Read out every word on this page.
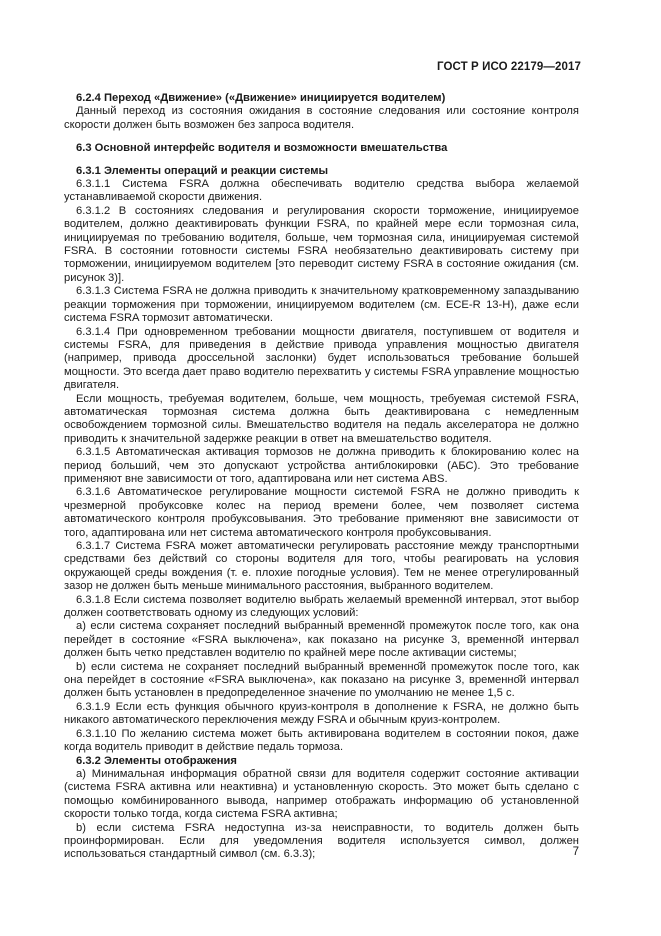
ГОСТ Р ИСО 22179—2017

6.2.4 Переход «Движение» («Движение» инициируется водителем)

Данный переход из состояния ожидания в состояние следования или состояние контроля скорости должен быть возможен без запроса водителя.

6.3 Основной интерфейс водителя и возможности вмешательства

6.3.1 Элементы операций и реакции системы

6.3.1.1 Система FSRA должна обеспечивать водителю средства выбора желаемой устанавливаемой скорости движения.

6.3.1.2 В состояниях следования и регулирования скорости торможение, инициируемое водителем, должно деактивировать функции FSRA, по крайней мере если тормозная сила, инициируемая по требованию водителя, больше, чем тормозная сила, инициируемая системой FSRA. В состоянии готовности системы FSRA необязательно деактивировать систему при торможении, инициируемом водителем [это переводит систему FSRA в состояние ожидания (см. рисунок 3)].

6.3.1.3 Система FSRA не должна приводить к значительному кратковременному запаздыванию реакции торможения при торможении, инициируемом водителем (см. ECE-R 13-H), даже если система FSRA тормозит автоматически.

6.3.1.4 При одновременном требовании мощности двигателя, поступившем от водителя и системы FSRA, для приведения в действие привода управления мощностью двигателя (например, привода дроссельной заслонки) будет использоваться требование большей мощности. Это всегда дает право водителю перехватить у системы FSRA управление мощностью двигателя.

Если мощность, требуемая водителем, больше, чем мощность, требуемая системой FSRA, автоматическая тормозная система должна быть деактивирована с немедленным освобождением тормозной силы. Вмешательство водителя на педаль акселератора не должно приводить к значительной задержке реакции в ответ на вмешательство водителя.

6.3.1.5 Автоматическая активация тормозов не должна приводить к блокированию колес на период больший, чем это допускают устройства антиблокировки (АБС). Это требование применяют вне зависимости от того, адаптирована или нет система ABS.

6.3.1.6 Автоматическое регулирование мощности системой FSRA не должно приводить к чрезмерной пробуксовке колес на период времени более, чем позволяет система автоматического контроля пробуксовывания. Это требование применяют вне зависимости от того, адаптирована или нет система автоматического контроля пробуксовывания.

6.3.1.7 Система FSRA может автоматически регулировать расстояние между транспортными средствами без действий со стороны водителя для того, чтобы реагировать на условия окружающей среды вождения (т. е. плохие погодные условия). Тем не менее отрегулированный зазор не должен быть меньше минимального расстояния, выбранного водителем.

6.3.1.8 Если система позволяет водителю выбрать желаемый временно̂й интервал, этот выбор должен соответствовать одному из следующих условий:

a) если система сохраняет последний выбранный временно̂й промежуток после того, как она перейдет в состояние «FSRA выключена», как показано на рисунке 3, временно̂й интервал должен быть четко представлен водителю по крайней мере после активации системы;

b) если система не сохраняет последний выбранный временно̂й промежуток после того, как она перейдет в состояние «FSRA выключена», как показано на рисунке 3, временно̂й интервал должен быть установлен в предопределенное значение по умолчанию не менее 1,5 с.

6.3.1.9 Если есть функция обычного круиз-контроля в дополнение к FSRA, не должно быть никакого автоматического переключения между FSRA и обычным круиз-контролем.

6.3.1.10 По желанию система может быть активирована водителем в состоянии покоя, даже когда водитель приводит в действие педаль тормоза.

6.3.2 Элементы отображения

a) Минимальная информация обратной связи для водителя содержит состояние активации (система FSRA активна или неактивна) и установленную скорость. Это может быть сделано с помощью комбинированного вывода, например отображать информацию об установленной скорости только тогда, когда система FSRA активна;

b) если система FSRA недоступна из-за неисправности, то водитель должен быть проинформирован. Если для уведомления водителя используется символ, должен использоваться стандартный символ (см. 6.3.3);	7
